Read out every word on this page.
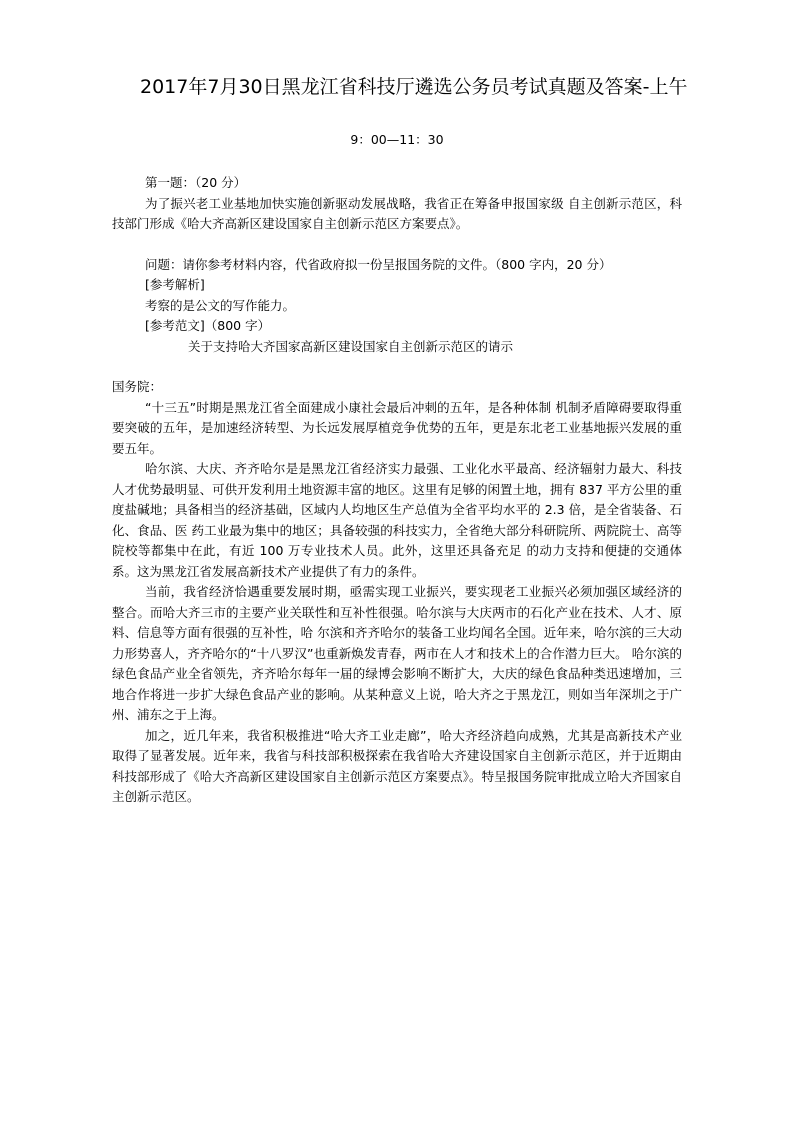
2017年7月30日黑龙江省科技厅遴选公务员考试真题及答案-上午
9：00—11：30

第一题：（20 分）

为了振兴老工业基地加快实施创新驱动发展战略，我省正在筹备申报国家级 自主创新示范区，科技部门形成《哈大齐高新区建设国家自主创新示范区方案要点》。

问题：请你参考材料内容，代省政府拟一份呈报国务院的文件。（800 字内，20 分）

[参考解析]

考察的是公文的写作能力。

[参考范文]（800 字）

关于支持哈大齐国家高新区建设国家自主创新示范区的请示

国务院：

“十三五”时期是黑龙江省全面建成小康社会最后冲刺的五年，是各种体制 机制矛盾障碍要取得重要突破的五年，是加速经济转型、为长远发展厚植竞争优势的五年，更是东北老工业基地振兴发展的重要五年。

哈尔滨、大庆、齐齐哈尔是是黑龙江省经济实力最强、工业化水平最高、经济辐射力最大、科技人才优势最明显、可供开发利用土地资源丰富的地区。这里有足够的闲置土地，拥有 837 平方公里的重度盐碱地；具备相当的经济基础，区域内人均地区生产总值为全省平均水平的 2.3 倍，是全省装备、石化、食品、医 药工业最为集中的地区；具备较强的科技实力，全省绝大部分科研院所、两院院士、高等院校等都集中在此，有近 100 万专业技术人员。此外，这里还具备充足 的动力支持和便捷的交通体系。这为黑龙江省发展高新技术产业提供了有力的条件。

当前，我省经济恰遇重要发展时期，亟需实现工业振兴，要实现老工业振兴必须加强区域经济的整合。而哈大齐三市的主要产业关联性和互补性很强。哈尔滨与大庆两市的石化产业在技术、人才、原料、信息等方面有很强的互补性，哈 尔滨和齐齐哈尔的装备工业均闻名全国。近年来，哈尔滨的三大动力形势喜人，齐齐哈尔的“十八罗汉”也重新焕发青春，两市在人才和技术上的合作潜力巨大。 哈尔滨的绿色食品产业全省领先，齐齐哈尔每年一届的绿博会影响不断扩大，大庆的绿色食品种类迅速增加，三地合作将进一步扩大绿色食品产业的影响。从某种意义上说，哈大齐之于黑龙江，则如当年深圳之于广州、浦东之于上海。

加之，近几年来，我省积极推进“哈大齐工业走廊”，哈大齐经济趋向成熟，尤其是高新技术产业取得了显著发展。近年来，我省与科技部积极探索在我省哈大齐建设国家自主创新示范区，并于近期由科技部形成了《哈大齐高新区建设国家自主创新示范区方案要点》。特呈报国务院审批成立哈大齐国家自主创新示范区。
